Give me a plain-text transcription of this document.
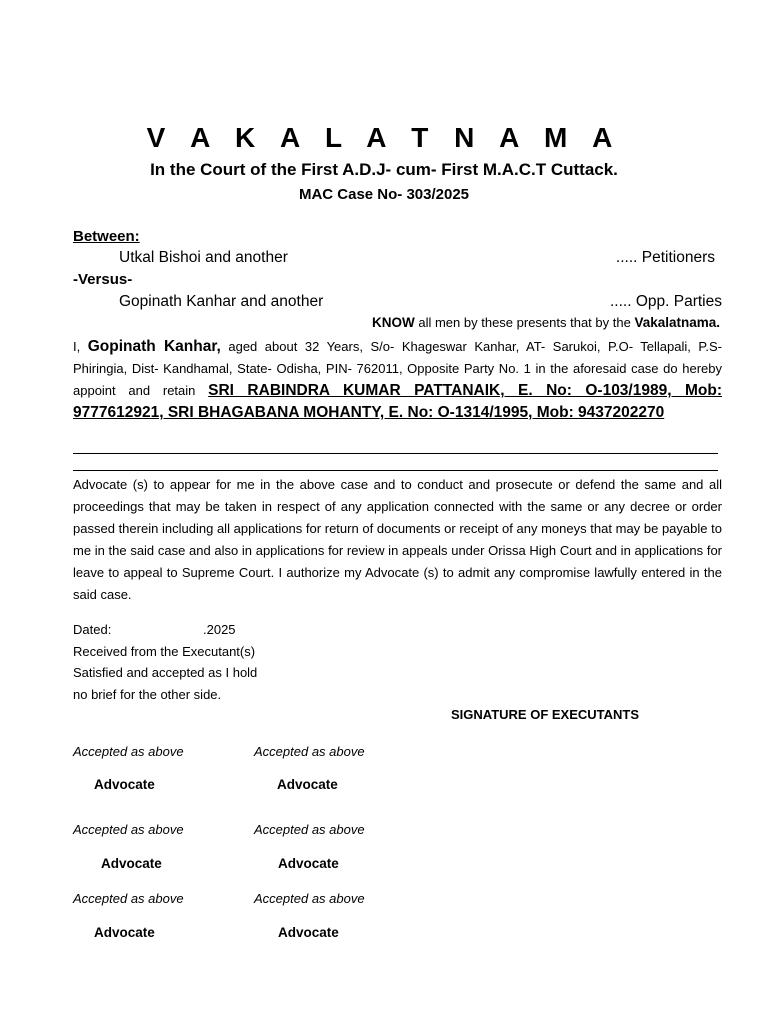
V A K A L A T N A M A
In the Court of the First A.D.J- cum- First M.A.C.T Cuttack.
MAC Case No- 303/2025
Between:
Utkal Bishoi and another	..... Petitioners
-Versus-
Gopinath Kanhar and another	..... Opp. Parties
KNOW all men by these presents that by the Vakalatnama.
I, Gopinath Kanhar, aged about 32 Years, S/o- Khageswar Kanhar, AT- Sarukoi, P.O- Tellapali, P.S- Phiringia, Dist- Kandhamal, State- Odisha, PIN- 762011, Opposite Party No. 1 in the aforesaid case do hereby appoint and retain SRI RABINDRA KUMAR PATTANAIK, E. No: O-103/1989, Mob: 9777612921, SRI BHAGABANA MOHANTY, E. No: O-1314/1995, Mob: 9437202270
Advocate (s) to appear for me in the above case and to conduct and prosecute or defend the same and all proceedings that may be taken in respect of any application connected with the same or any decree or order passed therein including all applications for return of documents or receipt of any moneys that may be payable to me in the said case and also in applications for review in appeals under Orissa High Court and in applications for leave to appeal to Supreme Court. I authorize my Advocate (s) to admit any compromise lawfully entered in the said case.
Dated:	.2025
Received from the Executant(s)
Satisfied and accepted as I hold
no brief for the other side.
SIGNATURE OF EXECUTANTS
Accepted as above	Accepted as above
Advocate	Advocate
Accepted as above	Accepted as above
Advocate	Advocate
Accepted as above	Accepted as above
Advocate	Advocate
